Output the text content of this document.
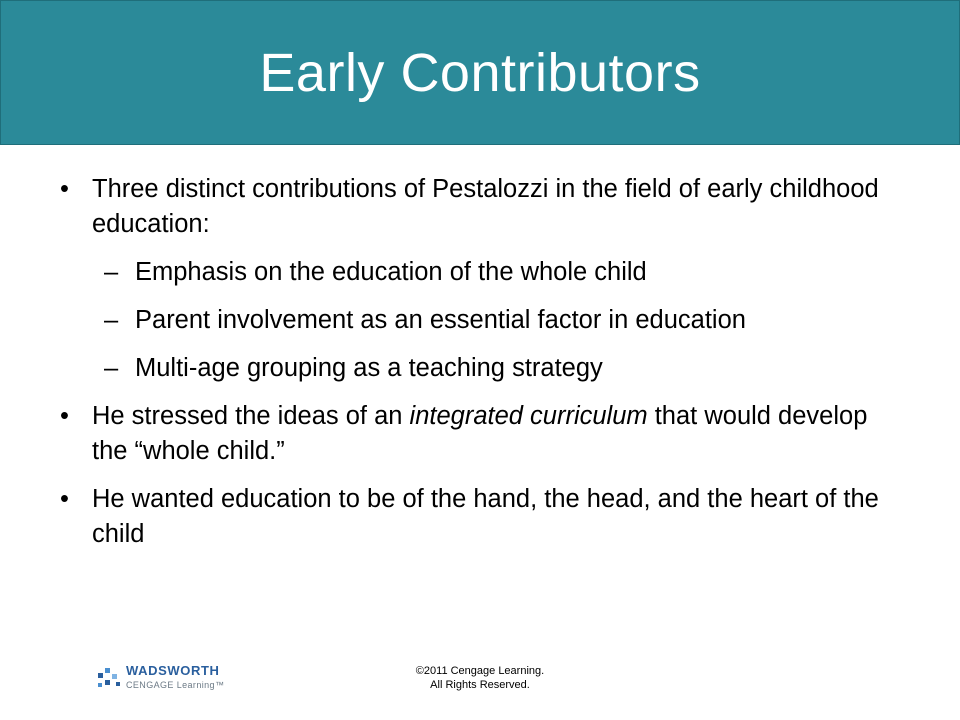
Early Contributors
• Three distinct contributions of Pestalozzi in the field of early childhood education:
– Emphasis on the education of the whole child
– Parent involvement as an essential factor in education
– Multi-age grouping as a teaching strategy
• He stressed the ideas of an integrated curriculum that would develop the “whole child.”
• He wanted education to be of the hand, the head, and the heart of the child
WADSWORTH
CENGAGE Learning™
©2011 Cengage Learning.
All Rights Reserved.
